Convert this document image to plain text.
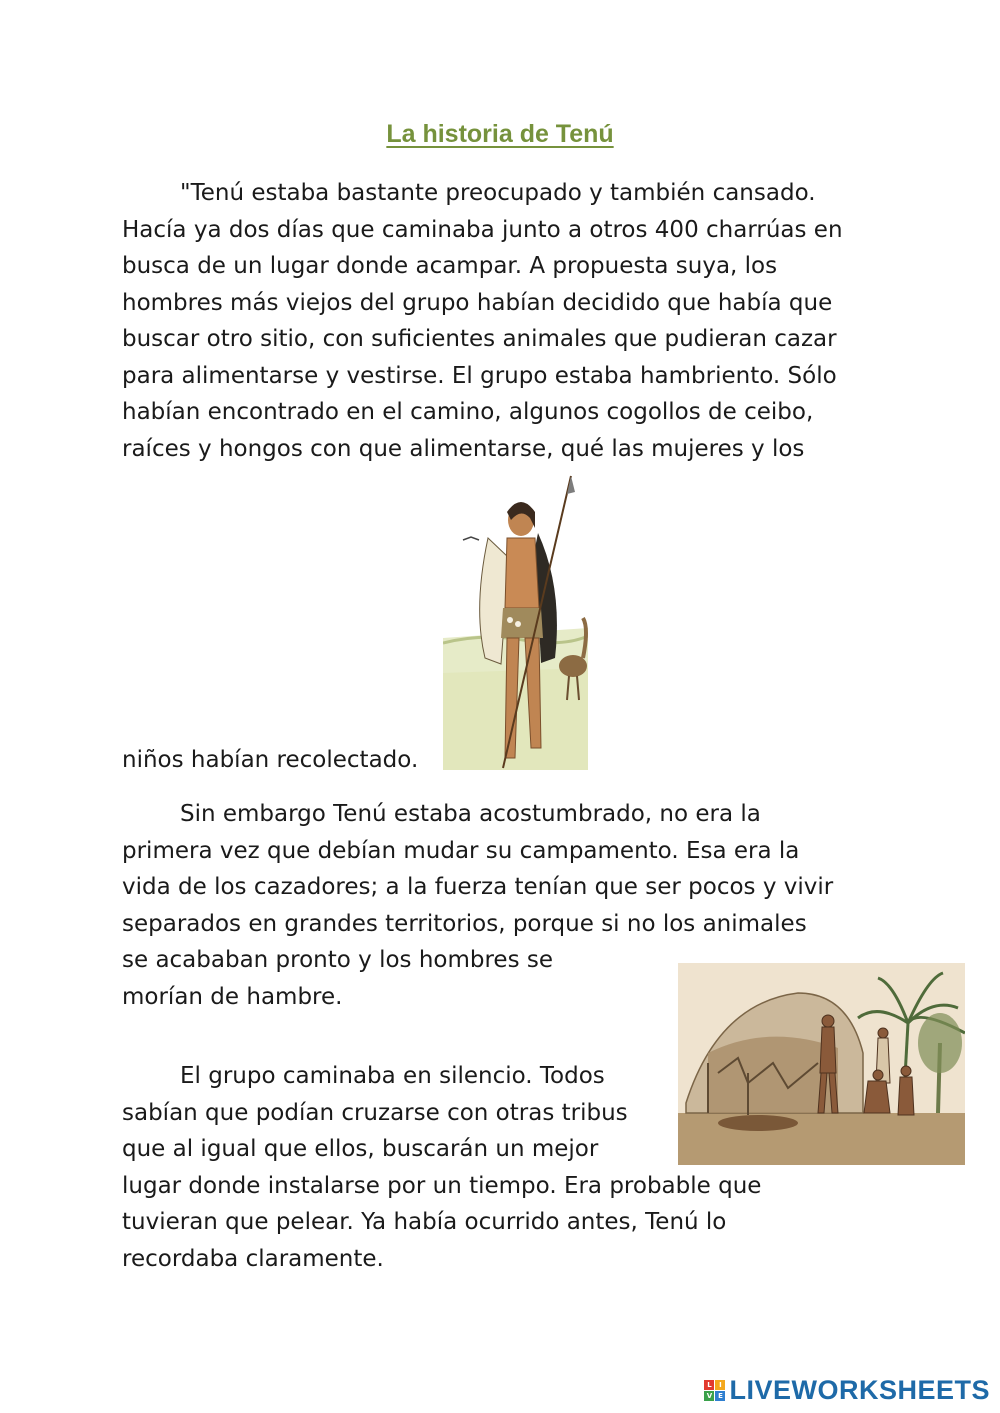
La historia de Tenú

"Tenú estaba bastante preocupado y también cansado.
Hacía ya dos días que caminaba junto a otros 400 charrúas en
busca de un lugar donde acampar. A propuesta suya, los
hombres más viejos del grupo habían decidido que había que
buscar otro sitio, con suficientes animales que pudieran cazar
para alimentarse y vestirse. El grupo estaba hambriento. Sólo
habían encontrado en el camino, algunos cogollos de ceibo,
raíces y hongos con que alimentarse, qué las mujeres y los

niños habían recolectado.

Sin embargo Tenú estaba acostumbrado, no era la
primera vez que debían mudar su campamento. Esa era la
vida de los cazadores; a la fuerza tenían que ser pocos y vivir
separados en grandes territorios, porque si no los animales
se acababan pronto y los hombres se
morían de hambre.

El grupo caminaba en silencio. Todos
sabían que podían cruzarse con otras tribus
que al igual que ellos, buscarán un mejor
lugar donde instalarse por un tiempo. Era probable que
tuvieran que pelear. Ya había ocurrido antes, Tenú lo
recordaba claramente.

L	I
V E LIVEWORKSHEETS
